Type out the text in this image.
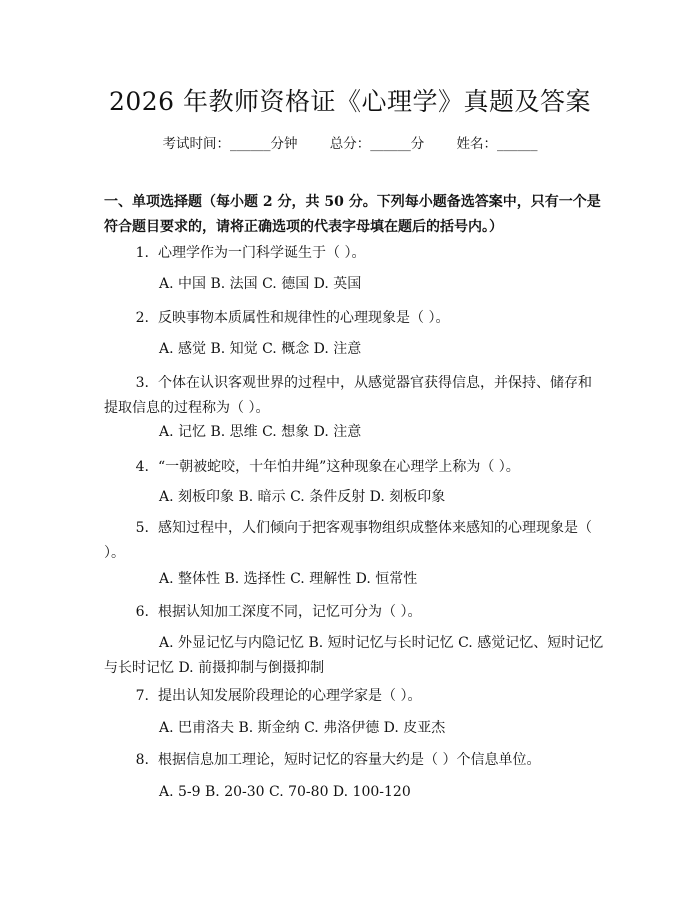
2026 年教师资格证《心理学》真题及答案
考试时间：______分钟 总分：______分 姓名：______
一、单项选择题（每小题 2 分，共 50 分。下列每小题备选答案中，只有一个是符合题目要求的，请将正确选项的代表字母填在题后的括号内。）
1. 心理学作为一门科学诞生于（ ）。
A. 中国 B. 法国 C. 德国 D. 英国
2. 反映事物本质属性和规律性的心理现象是（ ）。
A. 感觉 B. 知觉 C. 概念 D. 注意
3. 个体在认识客观世界的过程中，从感觉器官获得信息，并保持、储存和提取信息的过程称为（ ）。
A. 记忆 B. 思维 C. 想象 D. 注意
4. “一朝被蛇咬，十年怕井绳”这种现象在心理学上称为（ ）。
A. 刻板印象 B. 暗示 C. 条件反射 D. 刻板印象
5. 感知过程中，人们倾向于把客观事物组织成整体来感知的心理现象是（ ）。
A. 整体性 B. 选择性 C. 理解性 D. 恒常性
6. 根据认知加工深度不同，记忆可分为（ ）。
A. 外显记忆与内隐记忆 B. 短时记忆与长时记忆 C. 感觉记忆、短时记忆与长时记忆 D. 前摄抑制与倒摄抑制
7. 提出认知发展阶段理论的心理学家是（ ）。
A. 巴甫洛夫 B. 斯金纳 C. 弗洛伊德 D. 皮亚杰
8. 根据信息加工理论，短时记忆的容量大约是（ ）个信息单位。
A. 5-9 B. 20-30 C. 70-80 D. 100-120
